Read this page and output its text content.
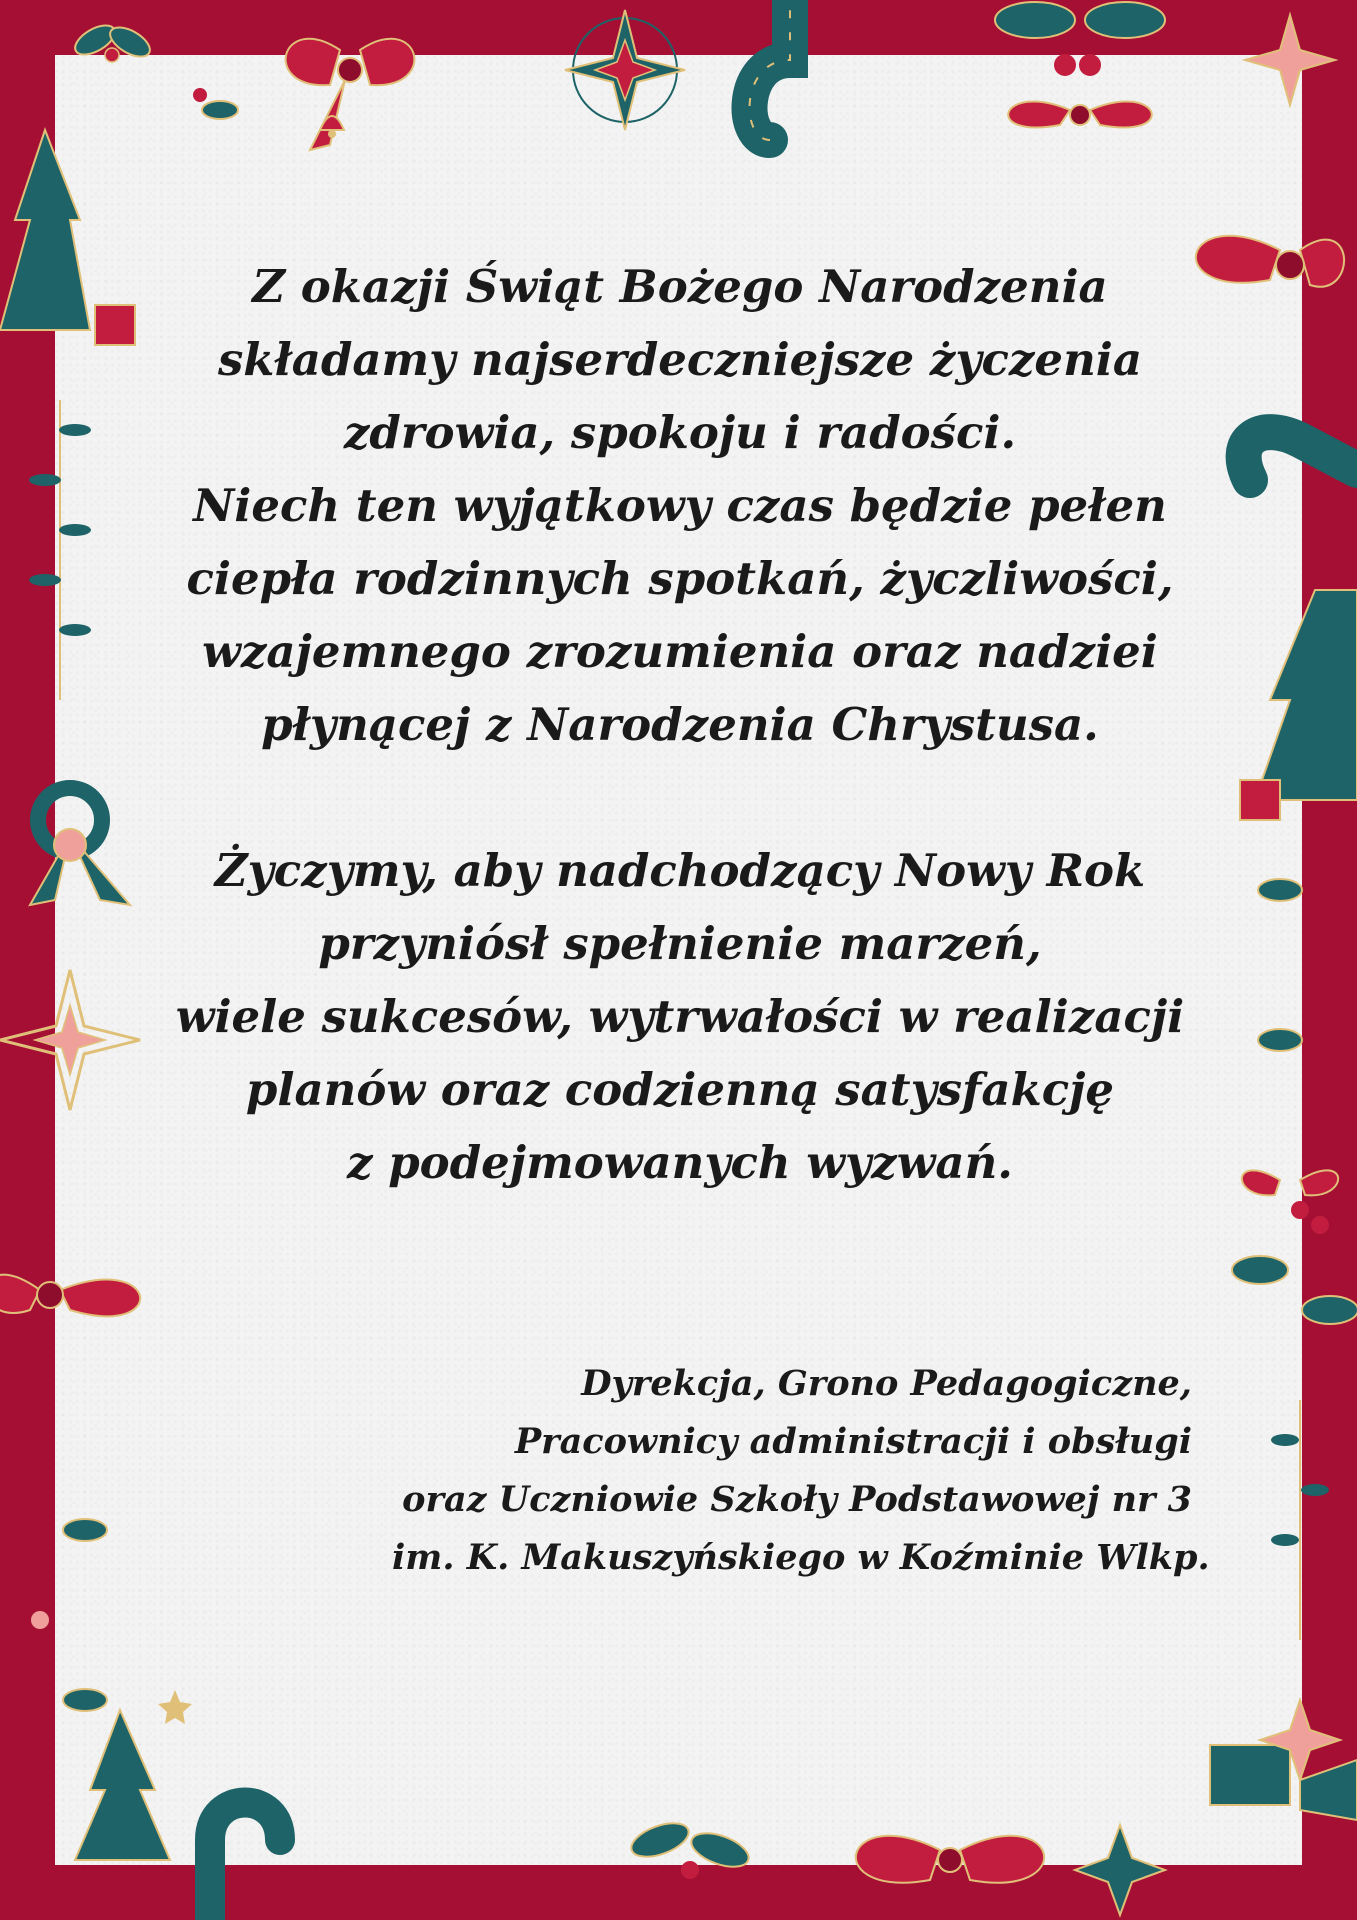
Z okazji Świąt Bożego Narodzenia
składamy najserdeczniejsze życzenia
zdrowia, spokoju i radości.
Niech ten wyjątkowy czas będzie pełen
ciepła rodzinnych spotkań, życzliwości,
wzajemnego zrozumienia oraz nadziei
płynącej z Narodzenia Chrystusa.
Życzymy, aby nadchodzący Nowy Rok
przyniósł spełnienie marzeń,
wiele sukcesów, wytrwałości w realizacji
planów oraz codzienną satysfakcję
z podejmowanych wyzwań.
Dyrekcja, Grono Pedagogiczne,
Pracownicy administracji i obsługi
oraz Uczniowie Szkoły Podstawowej nr 3
im. K. Makuszyńskiego w Koźminie Wlkp.
